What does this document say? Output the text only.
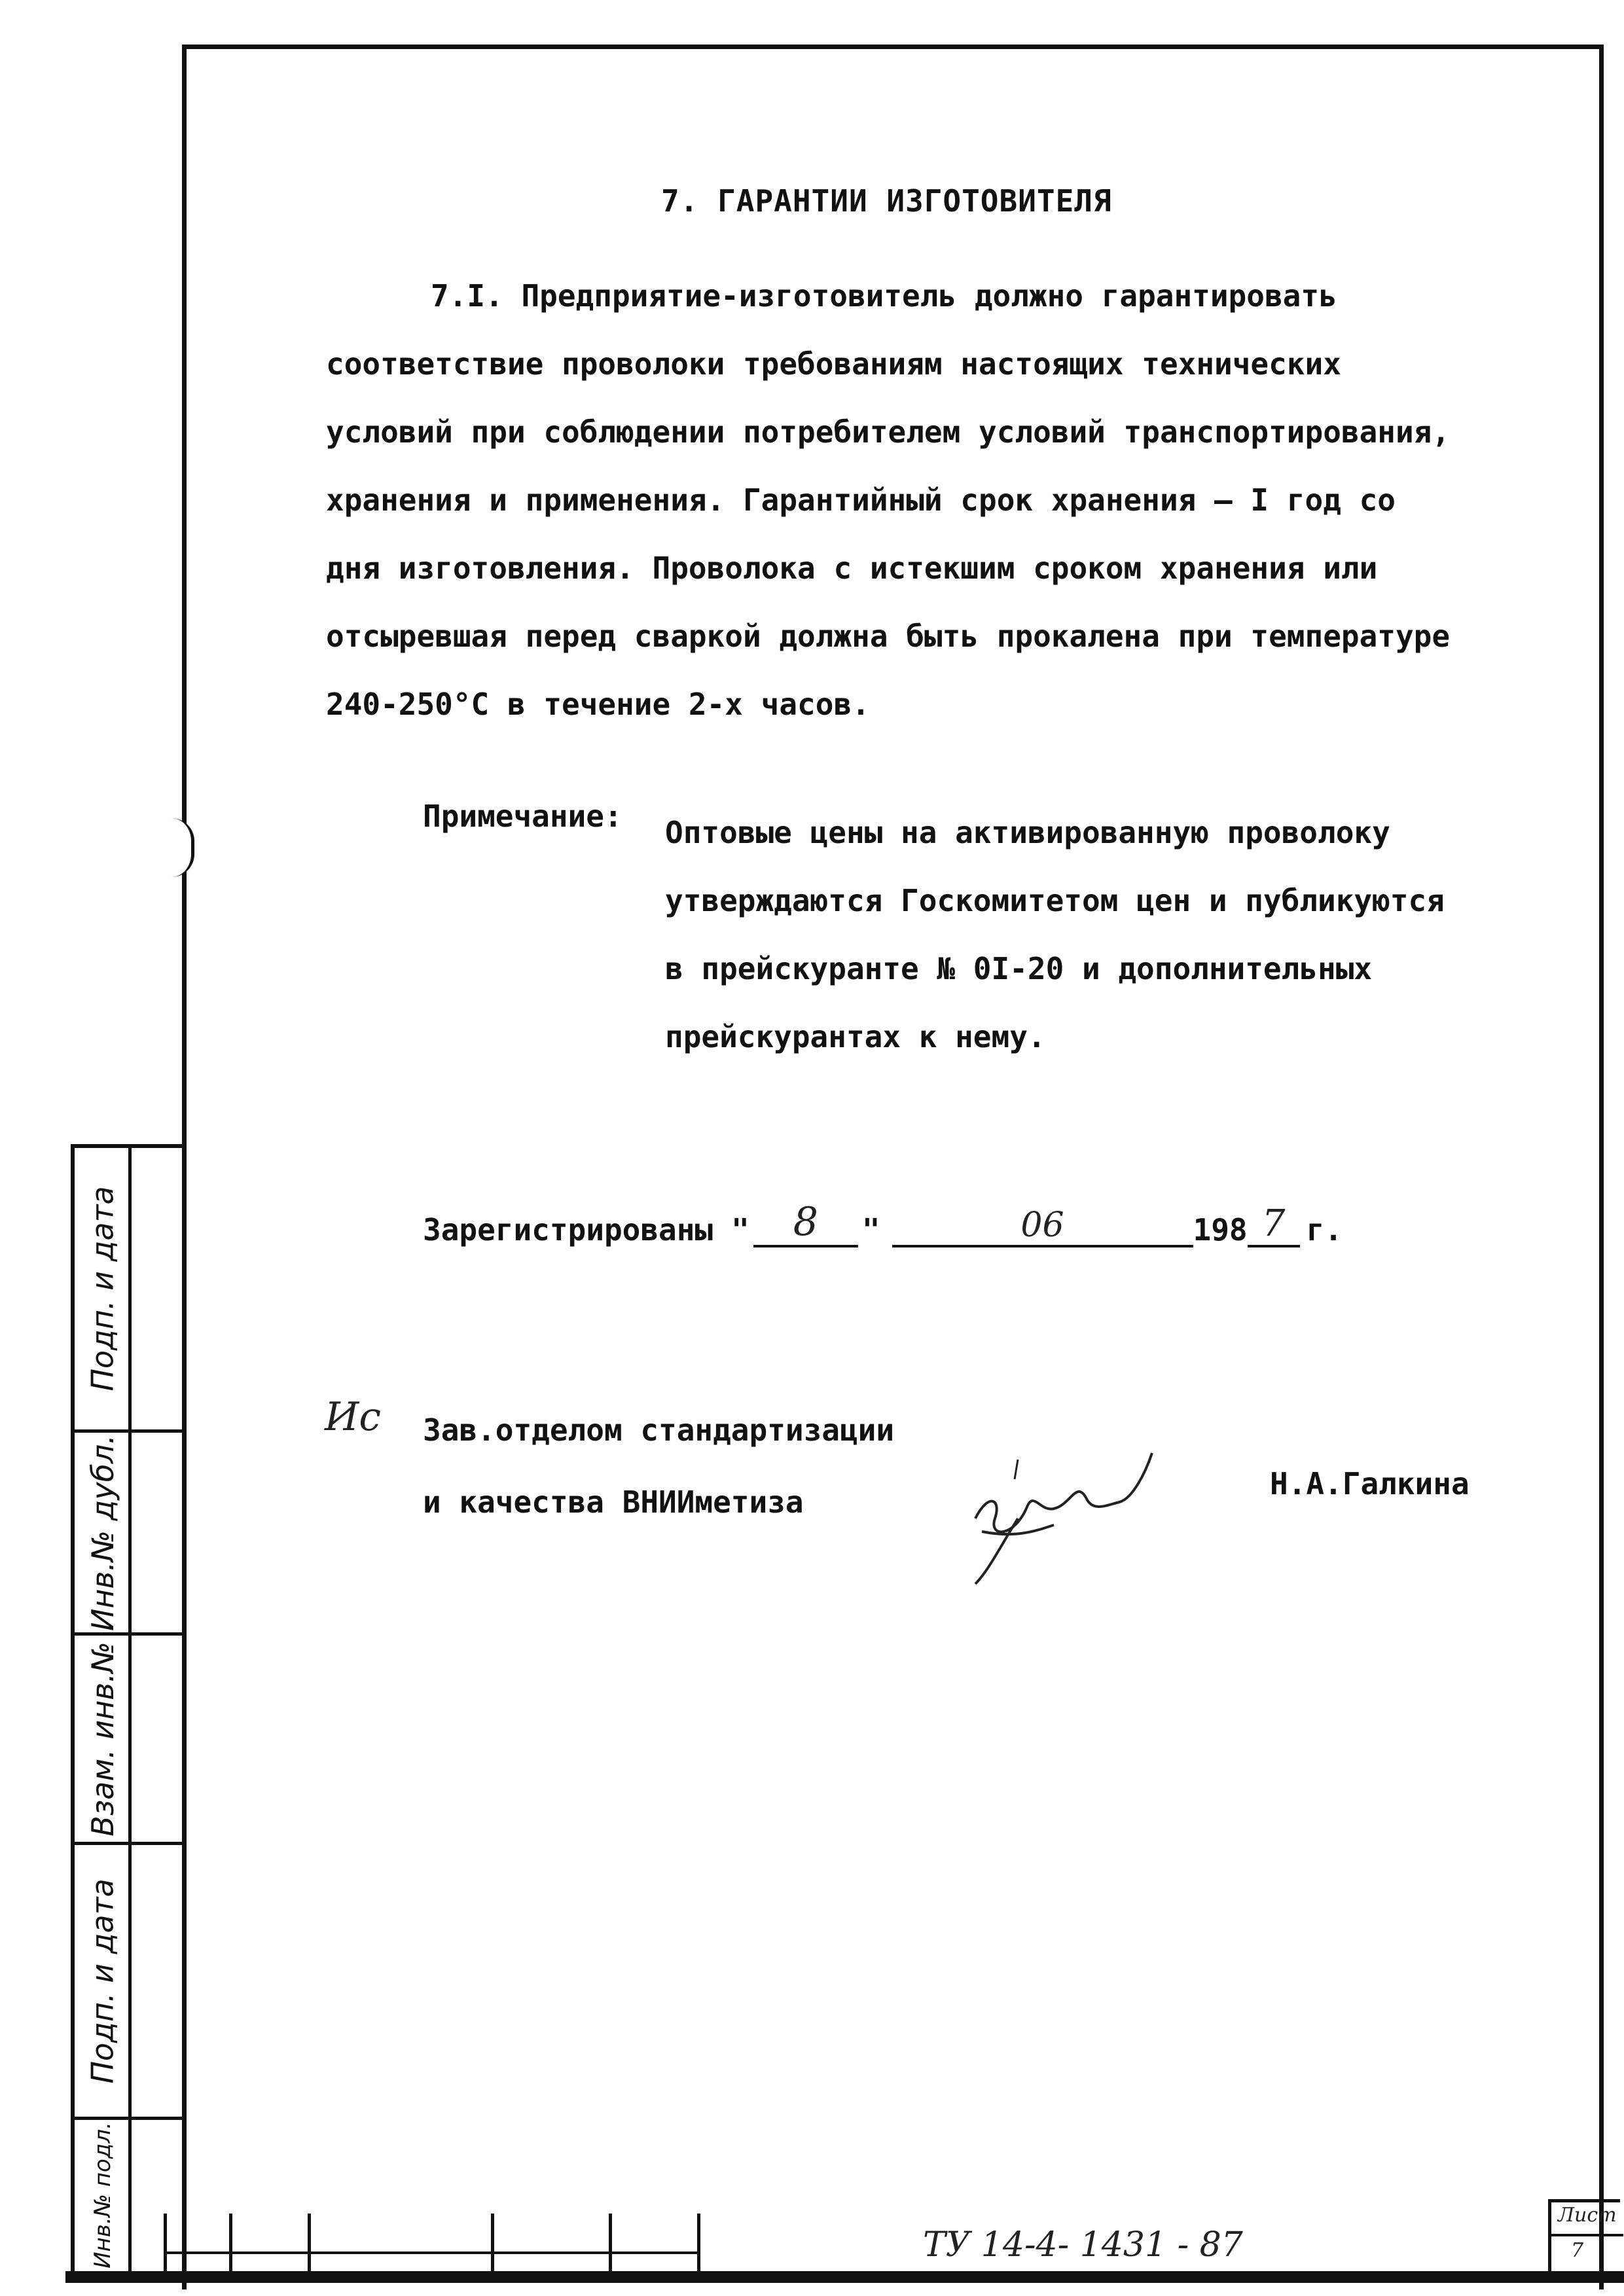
Подп. и дата
Инв.№ дубл.
Взам. инв.№
Подп. и дата
Инв.№ подл.
7. ГАРАНТИИ ИЗГОТОВИТЕЛЯ
7.I. Предприятие-изготовитель должно гарантировать
соответствие проволоки требованиям настоящих технических
условий при соблюдении потребителем условий транспортирования,
хранения и применения. Гарантийный срок хранения – I год со
дня изготовления. Проволока с истекшим сроком хранения или
отсыревшая перед сваркой должна быть прокалена при температуре
240-250°С в течение 2-х часов.
Примечание: Оптовые цены на активированную проволоку
утверждаются Госкомитетом цен и публикуются
в прейскуранте № 0I-20 и дополнительных
прейскурантах к нему.
Зарегистрированы "	8	"	06	198 7 г.
Ис Зав.отделом стандартизации
и качества ВНИИметиза
Н.А.Галкина
ТУ 14-4- 1431 - 87
Лист
7
